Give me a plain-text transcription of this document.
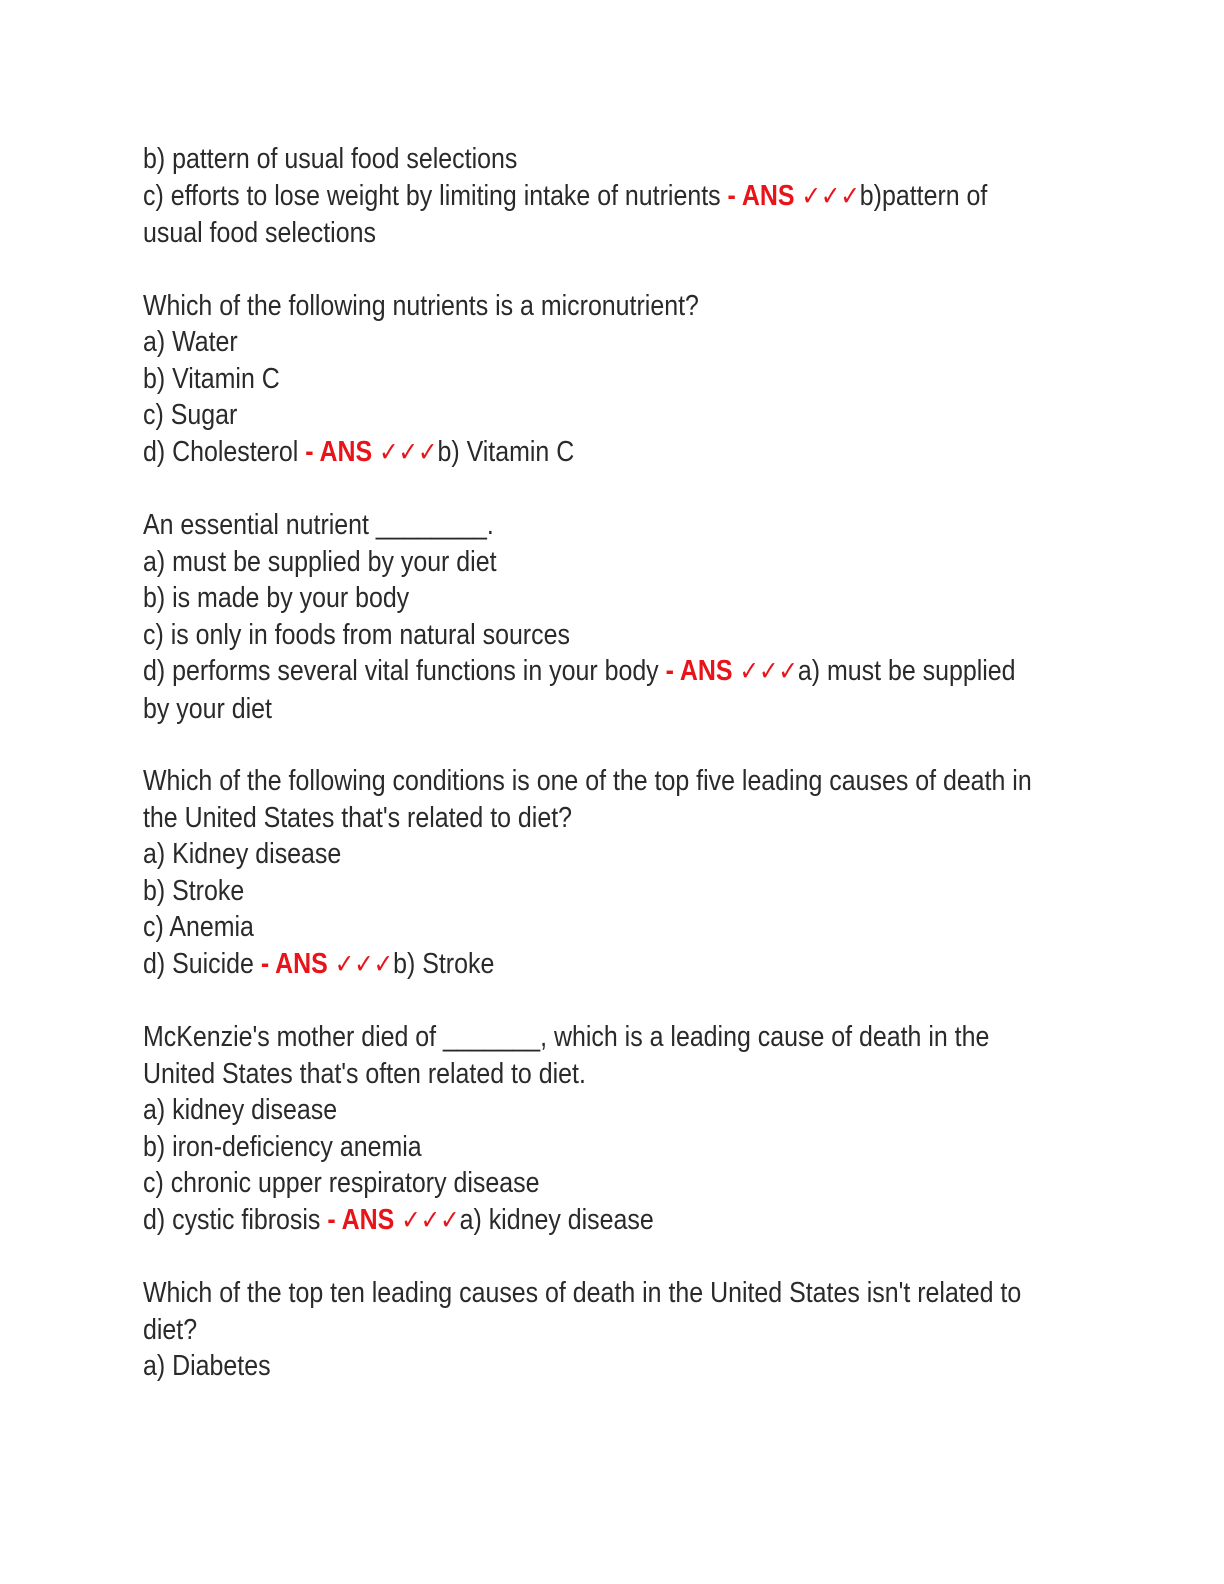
b) pattern of usual food selections
c) efforts to lose weight by limiting intake of nutrients - ANS ✓✓✓b)pattern of
usual food selections
Which of the following nutrients is a micronutrient?
a) Water
b) Vitamin C
c) Sugar
d) Cholesterol - ANS ✓✓✓b) Vitamin C
An essential nutrient ________.
a) must be supplied by your diet
b) is made by your body
c) is only in foods from natural sources
d) performs several vital functions in your body - ANS ✓✓✓a) must be supplied
by your diet
Which of the following conditions is one of the top five leading causes of death in
the United States that's related to diet?
a) Kidney disease
b) Stroke
c) Anemia
d) Suicide - ANS ✓✓✓b) Stroke
McKenzie's mother died of _______, which is a leading cause of death in the
United States that's often related to diet.
a) kidney disease
b) iron-deficiency anemia
c) chronic upper respiratory disease
d) cystic fibrosis - ANS ✓✓✓a) kidney disease
Which of the top ten leading causes of death in the United States isn't related to
diet?
a) Diabetes
